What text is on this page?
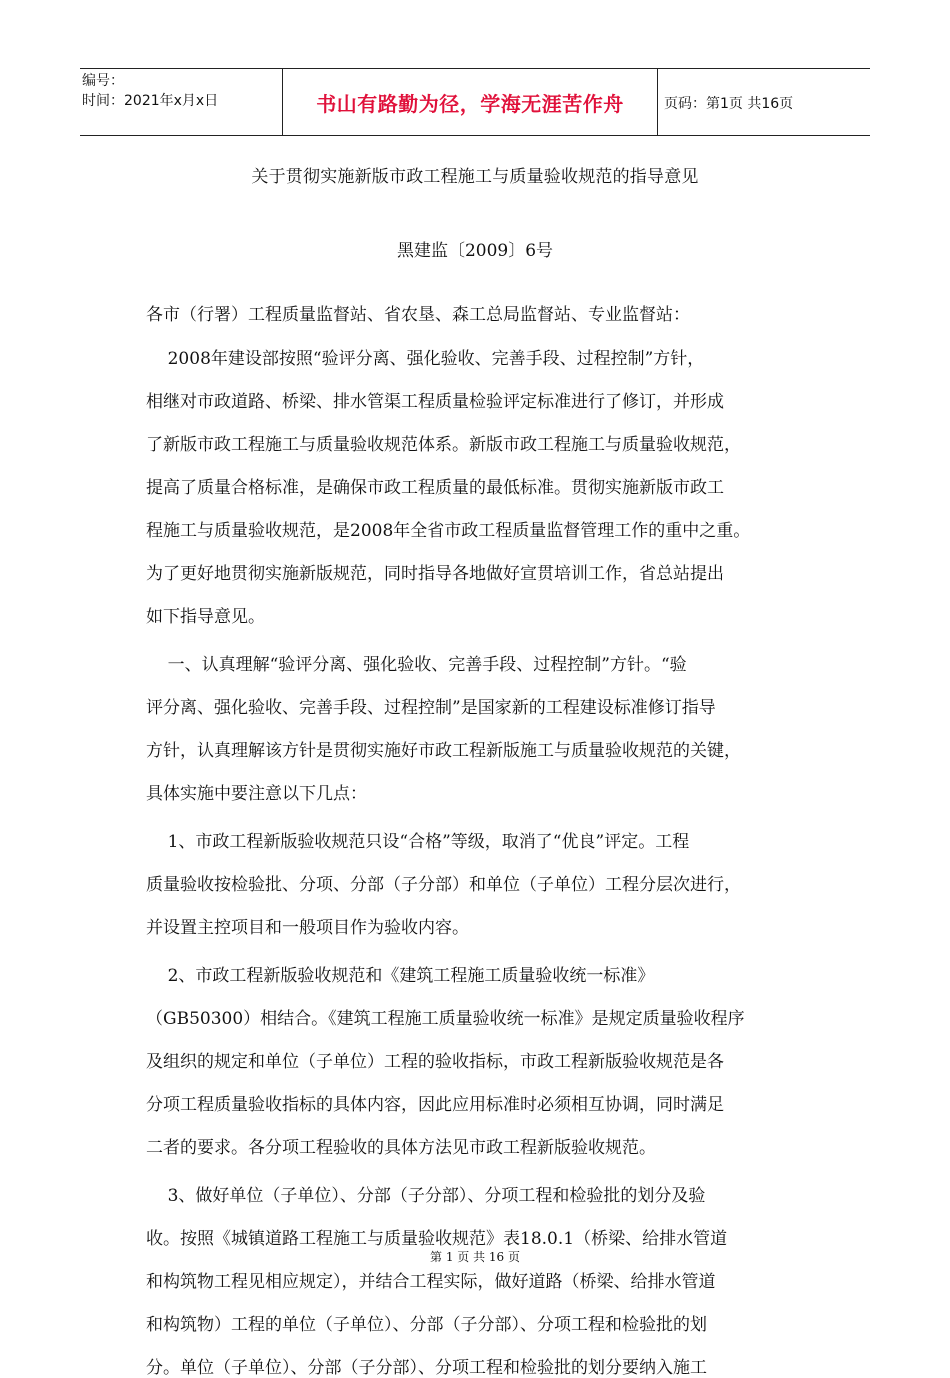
编号：
时间：2021年x月x日	书山有路勤为径，学海无涯苦作舟	页码：第1页 共16页
关于贯彻实施新版市政工程施工与质量验收规范的指导意见
黑建监〔2009〕6号

各市（行署）工程质量监督站、省农垦、森工总局监督站、专业监督站：

2008年建设部按照“验评分离、强化验收、完善手段、过程控制”方针，

相继对市政道路、桥梁、排水管渠工程质量检验评定标准进行了修订，并形成

了新版市政工程施工与质量验收规范体系。新版市政工程施工与质量验收规范，

提高了质量合格标准，是确保市政工程质量的最低标准。贯彻实施新版市政工

程施工与质量验收规范，是2008年全省市政工程质量监督管理工作的重中之重。

为了更好地贯彻实施新版规范，同时指导各地做好宣贯培训工作，省总站提出

如下指导意见。

一、认真理解“验评分离、强化验收、完善手段、过程控制”方针。“验

评分离、强化验收、完善手段、过程控制”是国家新的工程建设标准修订指导

方针，认真理解该方针是贯彻实施好市政工程新版施工与质量验收规范的关键，

具体实施中要注意以下几点：

1、市政工程新版验收规范只设“合格”等级，取消了“优良”评定。工程

质量验收按检验批、分项、分部（子分部）和单位（子单位）工程分层次进行，

并设置主控项目和一般项目作为验收内容。

2、市政工程新版验收规范和《建筑工程施工质量验收统一标准》

（GB50300）相结合。《建筑工程施工质量验收统一标准》是规定质量验收程序

及组织的规定和单位（子单位）工程的验收指标，市政工程新版验收规范是各

分项工程质量验收指标的具体内容，因此应用标准时必须相互协调，同时满足

二者的要求。各分项工程验收的具体方法见市政工程新版验收规范。

3、做好单位（子单位）、分部（子分部）、分项工程和检验批的划分及验

收。按照《城镇道路工程施工与质量验收规范》表18.0.1（桥梁、给排水管道

和构筑物工程见相应规定），并结合工程实际，做好道路（桥梁、给排水管道

和构筑物）工程的单位（子单位）、分部（子分部）、分项工程和检验批的划

分。单位（子单位）、分部（子分部）、分项工程和检验批的划分要纳入施工

第 1 页 共 16 页
